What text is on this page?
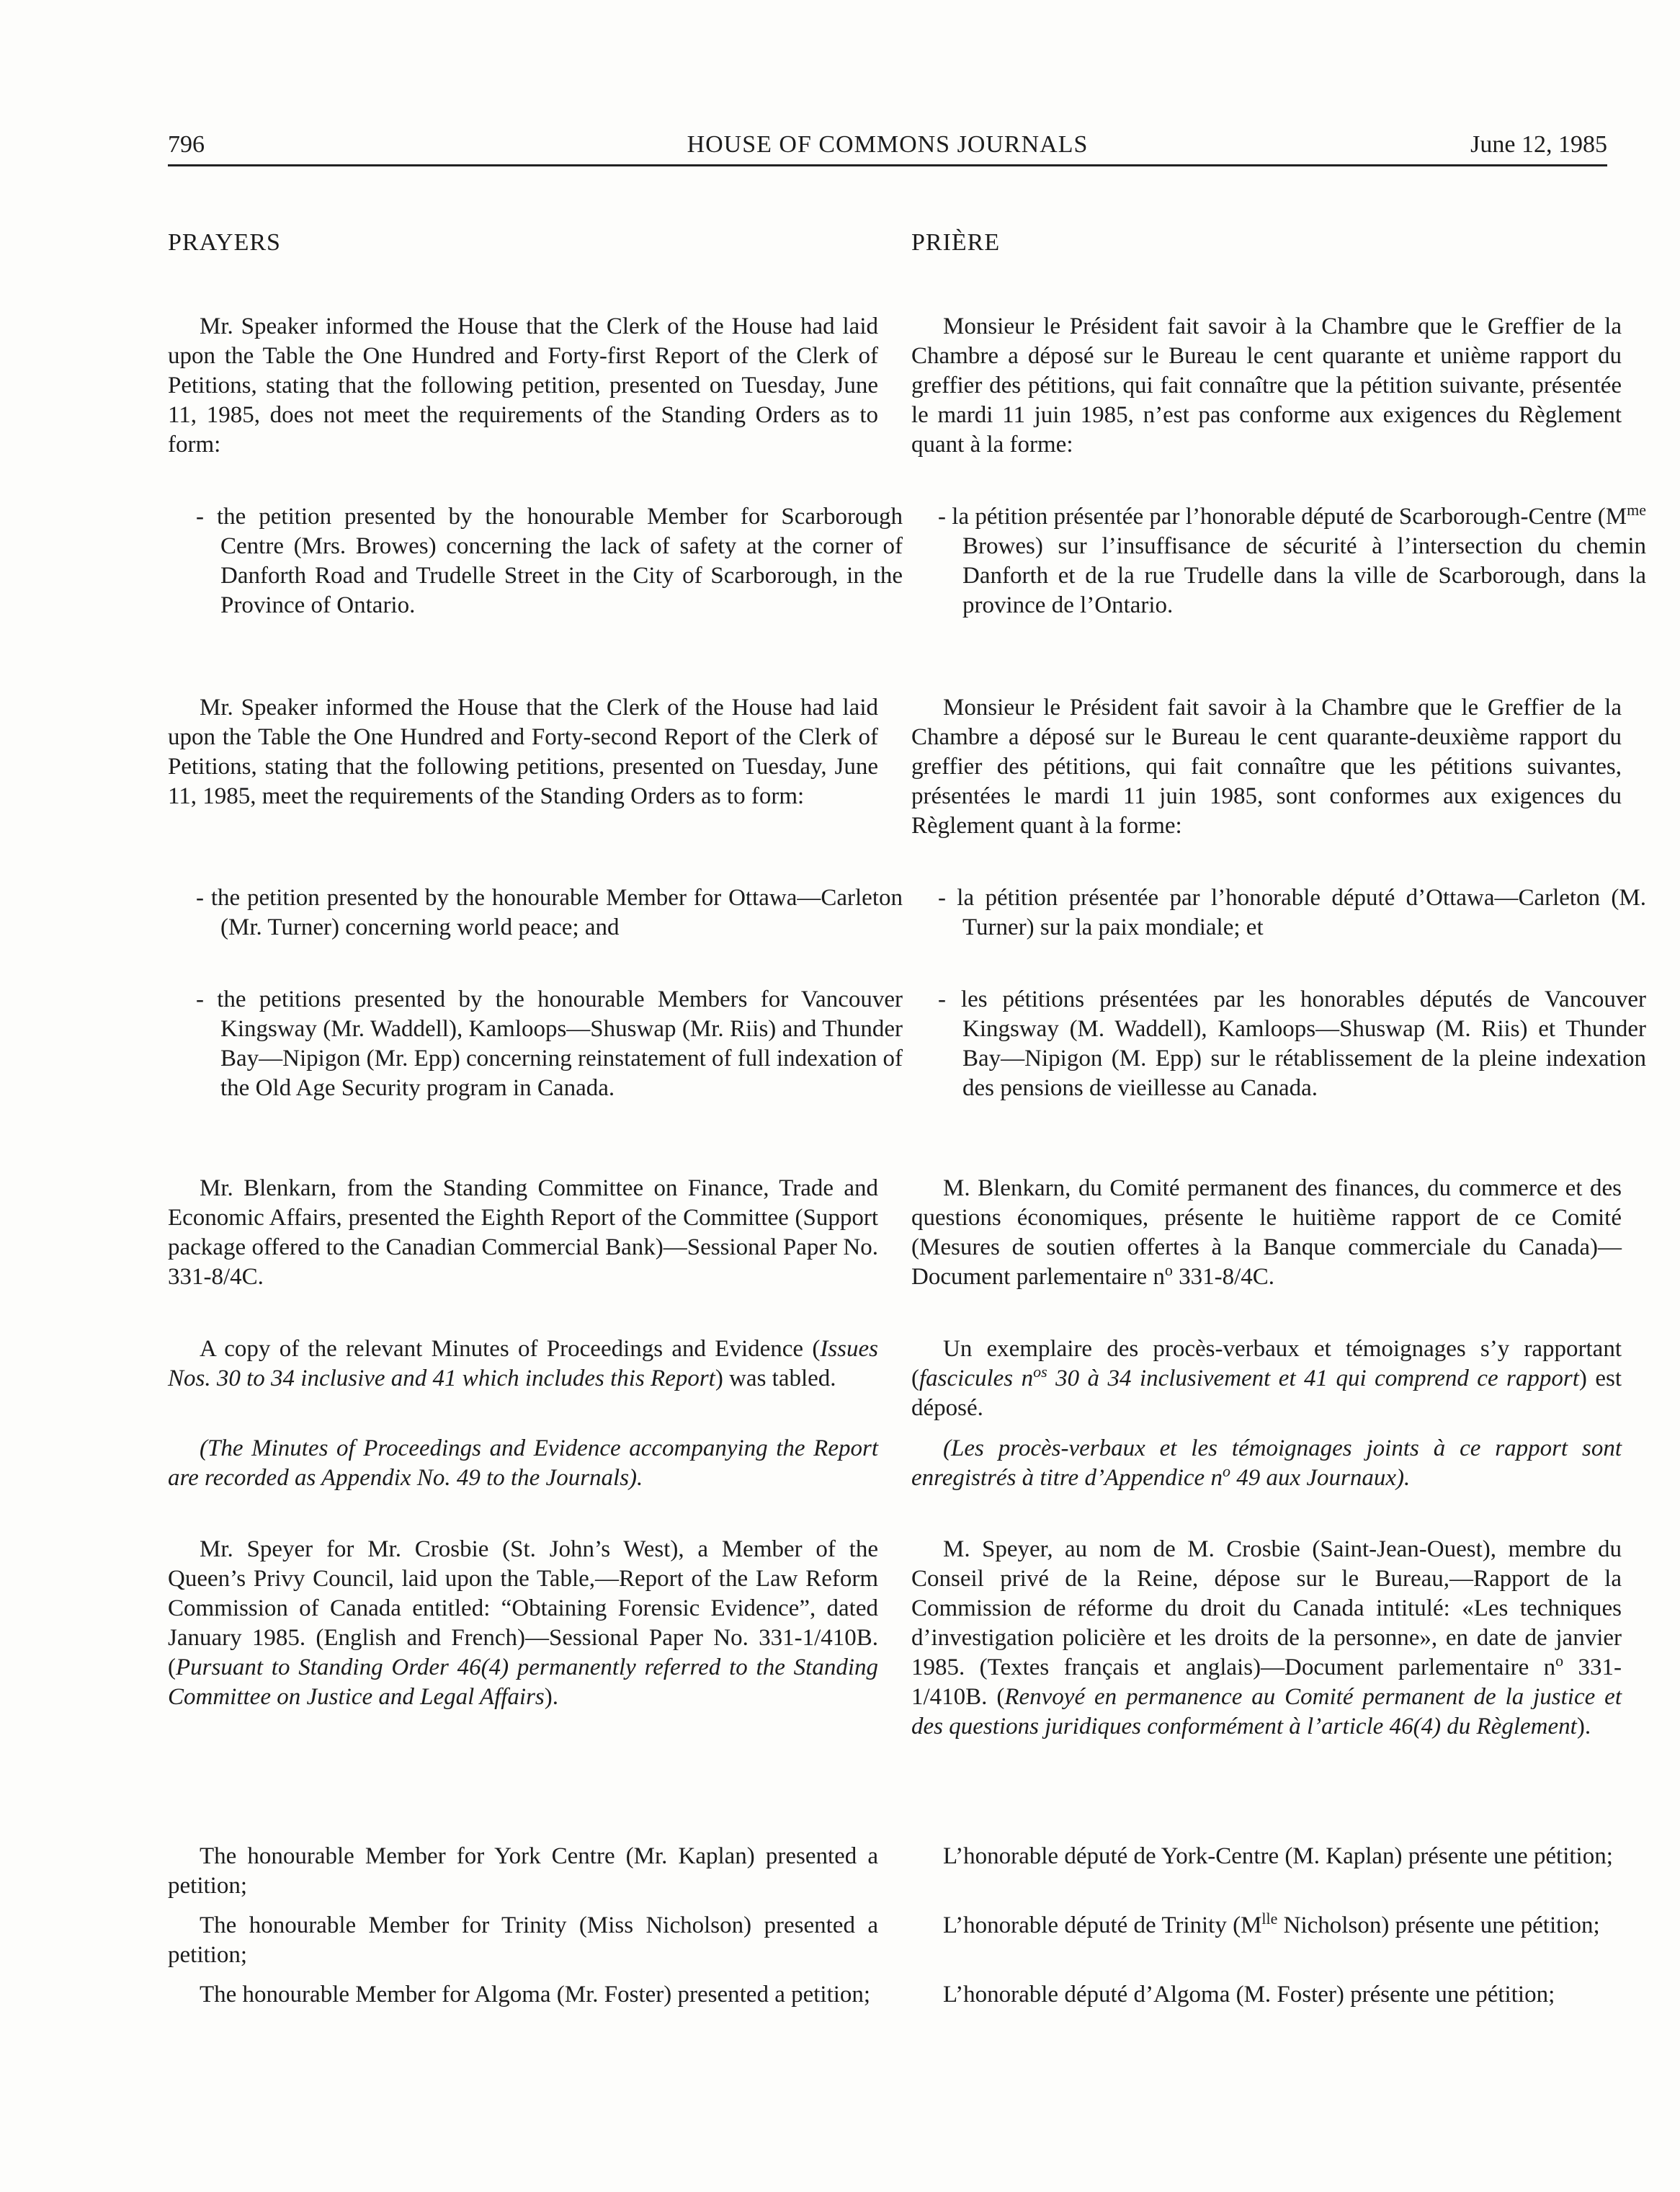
796	HOUSE OF COMMONS JOURNALS	June 12, 1985
PRAYERS
Mr. Speaker informed the House that the Clerk of the House had laid upon the Table the One Hundred and Forty-first Report of the Clerk of Petitions, stating that the following petition, presented on Tuesday, June 11, 1985, does not meet the requirements of the Standing Orders as to form:
- the petition presented by the honourable Member for Scarborough Centre (Mrs. Browes) concerning the lack of safety at the corner of Danforth Road and Trudelle Street in the City of Scarborough, in the Province of Ontario.
Mr. Speaker informed the House that the Clerk of the House had laid upon the Table the One Hundred and Forty-second Report of the Clerk of Petitions, stating that the following petitions, presented on Tuesday, June 11, 1985, meet the requirements of the Standing Orders as to form:
- the petition presented by the honourable Member for Ottawa—Carleton (Mr. Turner) concerning world peace; and
- the petitions presented by the honourable Members for Vancouver Kingsway (Mr. Waddell), Kamloops—Shuswap (Mr. Riis) and Thunder Bay—Nipigon (Mr. Epp) concerning reinstatement of full indexation of the Old Age Security program in Canada.
Mr. Blenkarn, from the Standing Committee on Finance, Trade and Economic Affairs, presented the Eighth Report of the Committee (Support package offered to the Canadian Commercial Bank)—Sessional Paper No. 331-8/4C.
A copy of the relevant Minutes of Proceedings and Evidence (Issues Nos. 30 to 34 inclusive and 41 which includes this Report) was tabled.
(The Minutes of Proceedings and Evidence accompanying the Report are recorded as Appendix No. 49 to the Journals).
Mr. Speyer for Mr. Crosbie (St. John’s West), a Member of the Queen’s Privy Council, laid upon the Table,—Report of the Law Reform Commission of Canada entitled: “Obtaining Forensic Evidence”, dated January 1985. (English and French)—Sessional Paper No. 331-1/410B. (Pursuant to Standing Order 46(4) permanently referred to the Standing Committee on Justice and Legal Affairs).
The honourable Member for York Centre (Mr. Kaplan) presented a petition;
The honourable Member for Trinity (Miss Nicholson) presented a petition;
The honourable Member for Algoma (Mr. Foster) presented a petition;
PRIÈRE
Monsieur le Président fait savoir à la Chambre que le Greffier de la Chambre a déposé sur le Bureau le cent quarante et unième rapport du greffier des pétitions, qui fait connaître que la pétition suivante, présentée le mardi 11 juin 1985, n’est pas conforme aux exigences du Règlement quant à la forme:
- la pétition présentée par l’honorable député de Scarborough-Centre ($M^{me}$ Browes) sur l’insuffisance de sécurité à l’intersection du chemin Danforth et de la rue Trudelle dans la ville de Scarborough, dans la province de l’Ontario.
Monsieur le Président fait savoir à la Chambre que le Greffier de la Chambre a déposé sur le Bureau le cent quarante-deuxième rapport du greffier des pétitions, qui fait connaître que les pétitions suivantes, présentées le mardi 11 juin 1985, sont conformes aux exigences du Règlement quant à la forme:
- la pétition présentée par l’honorable député d’Ottawa—Carleton (M. Turner) sur la paix mondiale; et
- les pétitions présentées par les honorables députés de Vancouver Kingsway (M. Waddell), Kamloops—Shuswap (M. Riis) et Thunder Bay—Nipigon (M. Epp) sur le rétablissement de la pleine indexation des pensions de vieillesse au Canada.
M. Blenkarn, du Comité permanent des finances, du commerce et des questions économiques, présente le huitième rapport de ce Comité (Mesures de soutien offertes à la Banque commerciale du Canada)—Document parlementaire $n^o$ 331-8/4C.
Un exemplaire des procès-verbaux et témoignages s’y rapportant (fascicules $n^{os}$ 30 à 34 inclusivement et 41 qui comprend ce rapport) est déposé.
(Les procès-verbaux et les témoignages joints à ce rapport sont enregistrés à titre d’Appendice $n^o$ 49 aux Journaux).
M. Speyer, au nom de M. Crosbie (Saint-Jean-Ouest), membre du Conseil privé de la Reine, dépose sur le Bureau,—Rapport de la Commission de réforme du droit du Canada intitulé: «Les techniques d’investigation policière et les droits de la personne», en date de janvier 1985. (Textes français et anglais)—Document parlementaire $n^o$ 331-1/410B. (Renvoyé en permanence au Comité permanent de la justice et des questions juridiques conformément à l’article 46(4) du Règlement).
L’honorable député de York-Centre (M. Kaplan) présente une pétition;
L’honorable député de Trinity ($M^{lle}$ Nicholson) présente une pétition;
L’honorable député d’Algoma (M. Foster) présente une pétition;
